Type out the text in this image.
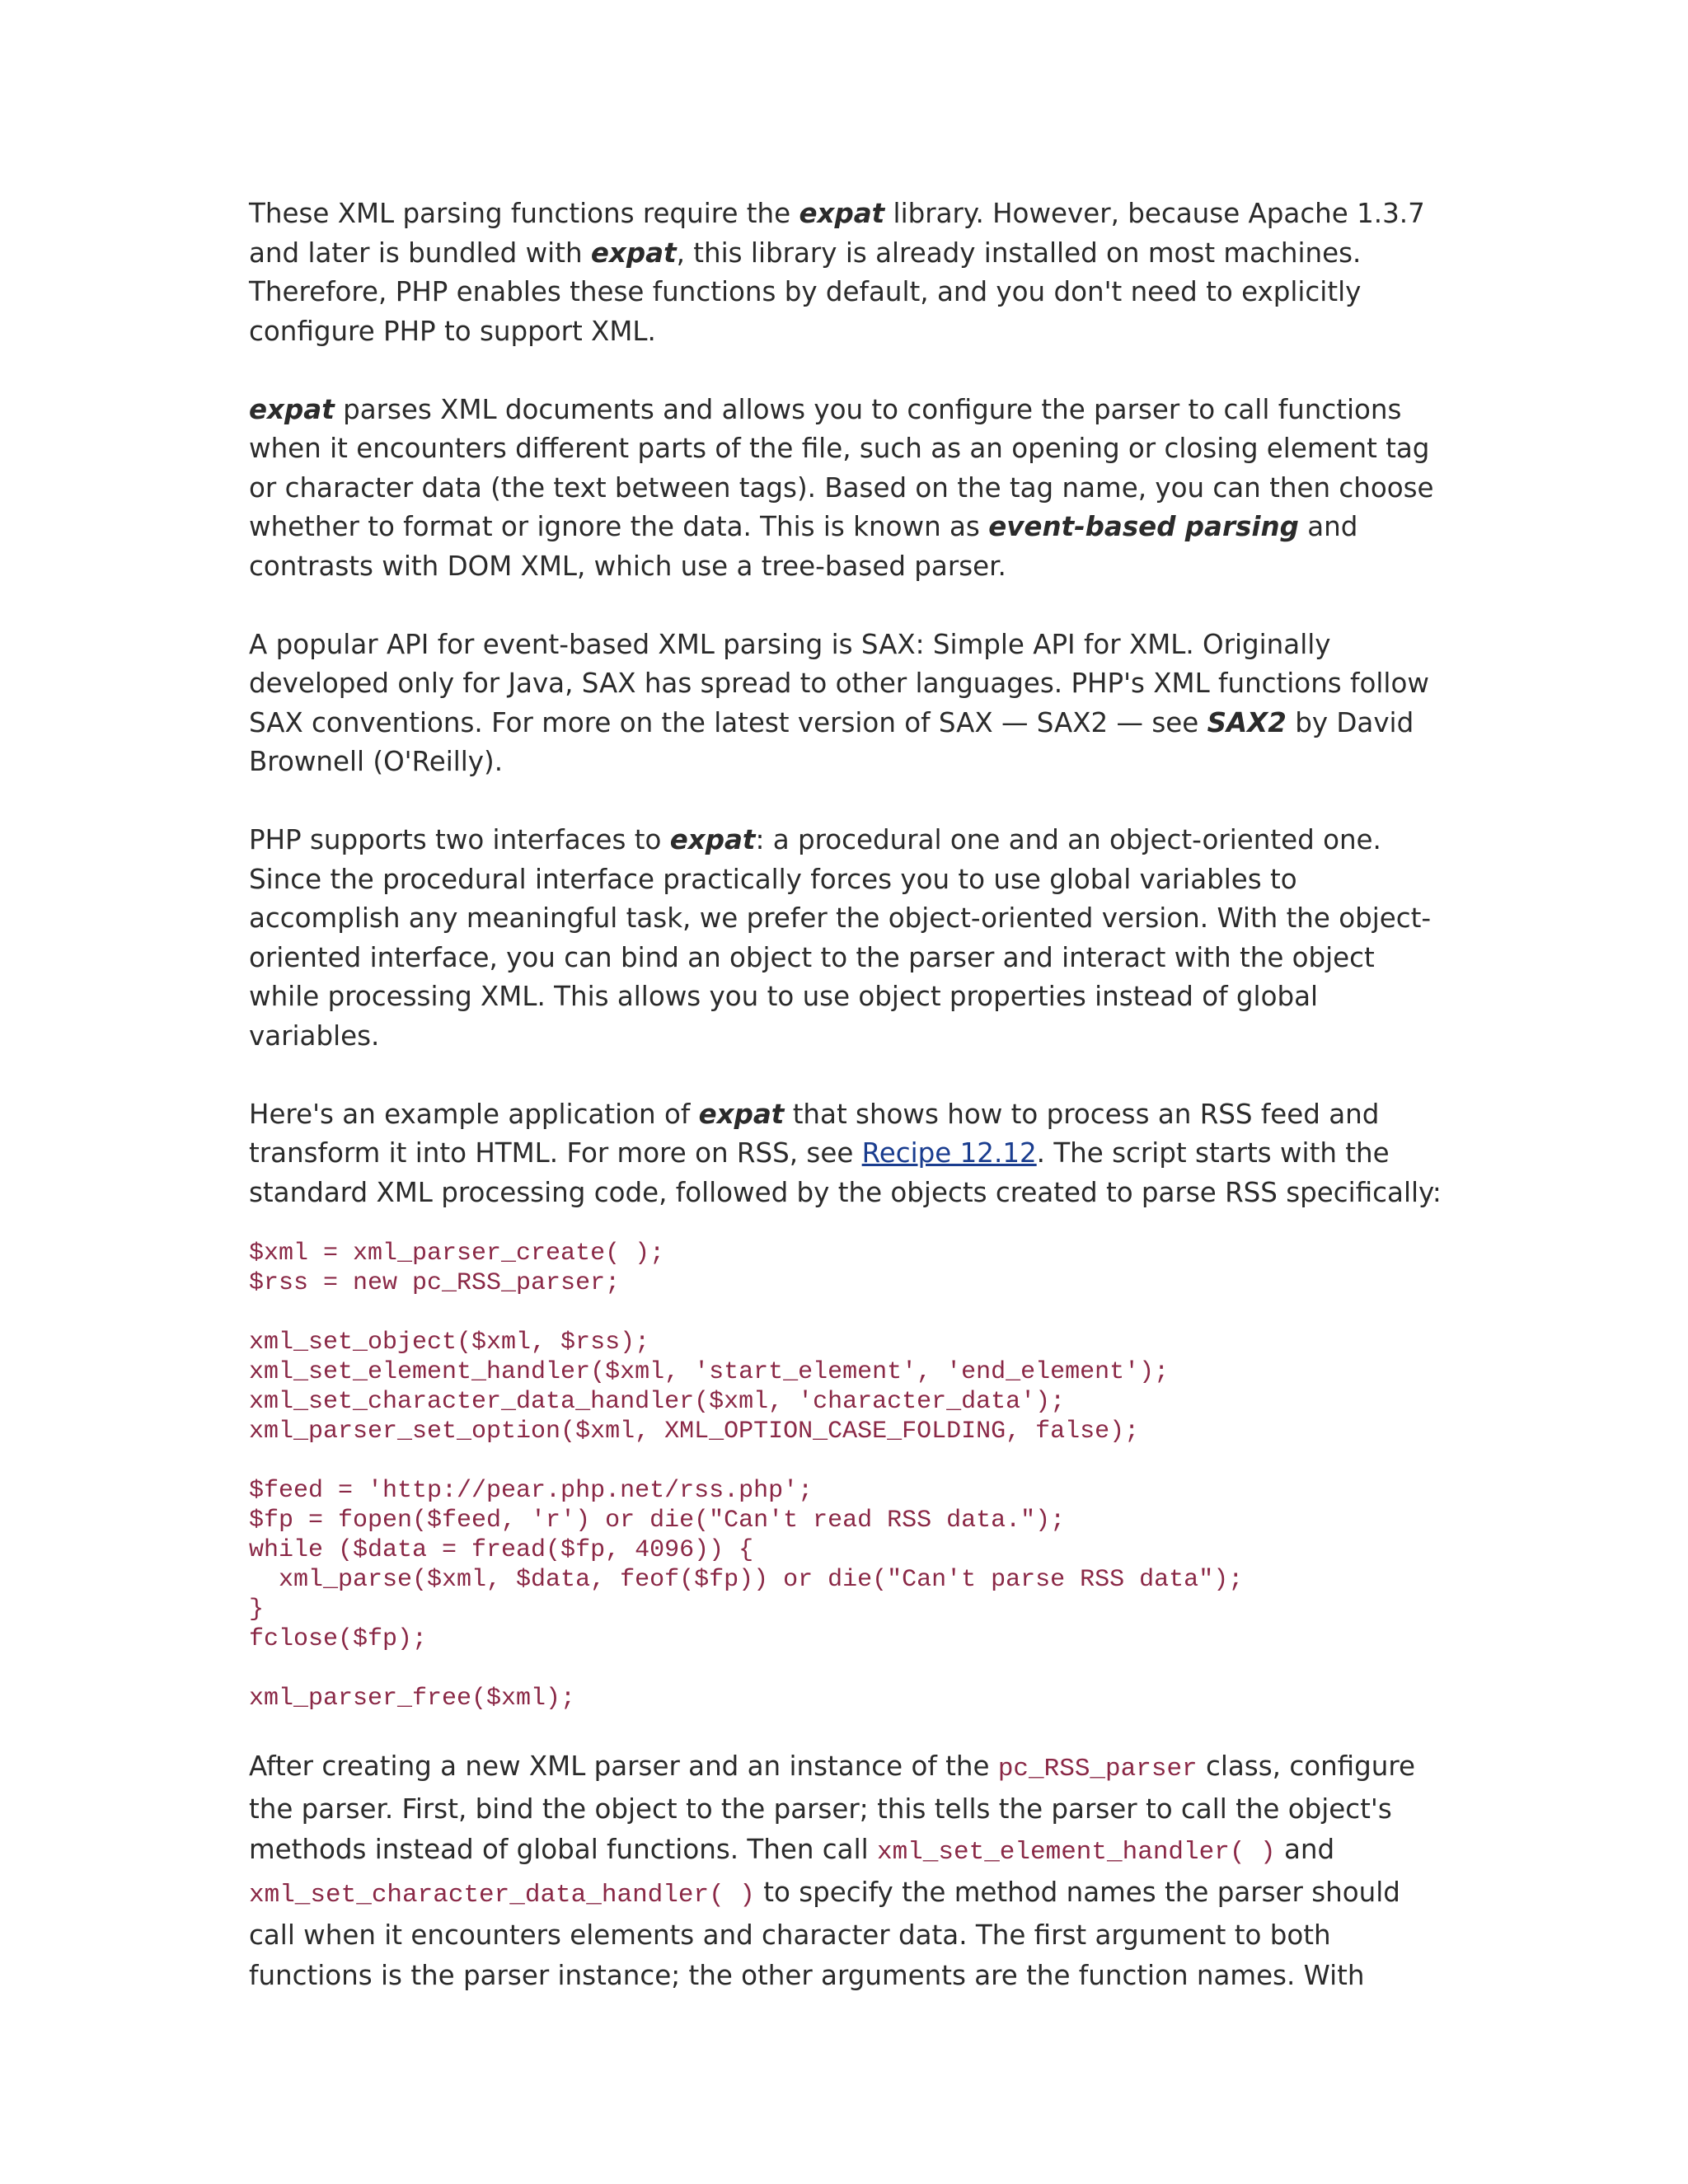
These XML parsing functions require the expat library. However, because Apache 1.3.7 and later is bundled with expat, this library is already installed on most machines. Therefore, PHP enables these functions by default, and you don't need to explicitly configure PHP to support XML.

expat parses XML documents and allows you to configure the parser to call functions when it encounters different parts of the file, such as an opening or closing element tag or character data (the text between tags). Based on the tag name, you can then choose whether to format or ignore the data. This is known as event-based parsing and contrasts with DOM XML, which use a tree-based parser.

A popular API for event-based XML parsing is SAX: Simple API for XML. Originally developed only for Java, SAX has spread to other languages. PHP's XML functions follow SAX conventions. For more on the latest version of SAX — SAX2 — see SAX2 by David Brownell (O'Reilly).

PHP supports two interfaces to expat: a procedural one and an object-oriented one. Since the procedural interface practically forces you to use global variables to accomplish any meaningful task, we prefer the object-oriented version. With the object-oriented interface, you can bind an object to the parser and interact with the object while processing XML. This allows you to use object properties instead of global variables.

Here's an example application of expat that shows how to process an RSS feed and transform it into HTML. For more on RSS, see Recipe 12.12. The script starts with the standard XML processing code, followed by the objects created to parse RSS specifically:

$xml = xml_parser_create( );
$rss = new pc_RSS_parser;

xml_set_object($xml, $rss);
xml_set_element_handler($xml, 'start_element', 'end_element');
xml_set_character_data_handler($xml, 'character_data');
xml_parser_set_option($xml, XML_OPTION_CASE_FOLDING, false);

$feed = 'http://pear.php.net/rss.php';
$fp = fopen($feed, 'r') or die("Can't read RSS data.");
while ($data = fread($fp, 4096)) {
xml_parse($xml, $data, feof($fp)) or die("Can't parse RSS data");
}
fclose($fp);

xml_parser_free($xml);

After creating a new XML parser and an instance of the pc_RSS_parser class, configure the parser. First, bind the object to the parser; this tells the parser to call the object's methods instead of global functions. Then call xml_set_element_handler( ) and xml_set_character_data_handler( ) to specify the method names the parser should call when it encounters elements and character data. The first argument to both functions is the parser instance; the other arguments are the function names. With
